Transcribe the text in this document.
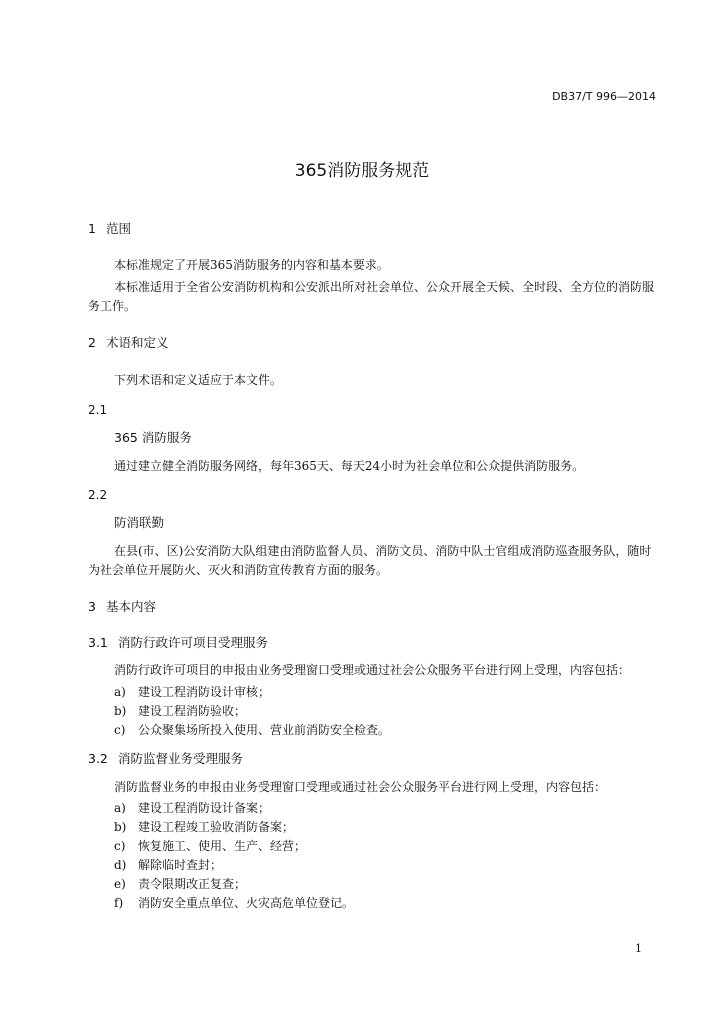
DB37/T 996—2014
365消防服务规范
1 范围
本标准规定了开展365消防服务的内容和基本要求。
本标准适用于全省公安消防机构和公安派出所对社会单位、公众开展全天候、全时段、全方位的消防服务工作。
2 术语和定义
下列术语和定义适应于本文件。
2.1
365 消防服务
通过建立健全消防服务网络，每年365天、每天24小时为社会单位和公众提供消防服务。
2.2
防消联勤
在县(市、区)公安消防大队组建由消防监督人员、消防文员、消防中队士官组成消防巡查服务队，随时为社会单位开展防火、灭火和消防宣传教育方面的服务。
3 基本内容
3.1 消防行政许可项目受理服务
消防行政许可项目的申报由业务受理窗口受理或通过社会公众服务平台进行网上受理，内容包括：
a) 建设工程消防设计审核；
b) 建设工程消防验收；
c) 公众聚集场所投入使用、营业前消防安全检查。
3.2 消防监督业务受理服务
消防监督业务的申报由业务受理窗口受理或通过社会公众服务平台进行网上受理，内容包括：
a) 建设工程消防设计备案；
b) 建设工程竣工验收消防备案；
c) 恢复施工、使用、生产、经营；
d) 解除临时查封；
e) 责令限期改正复查；
f) 消防安全重点单位、火灾高危单位登记。
1
